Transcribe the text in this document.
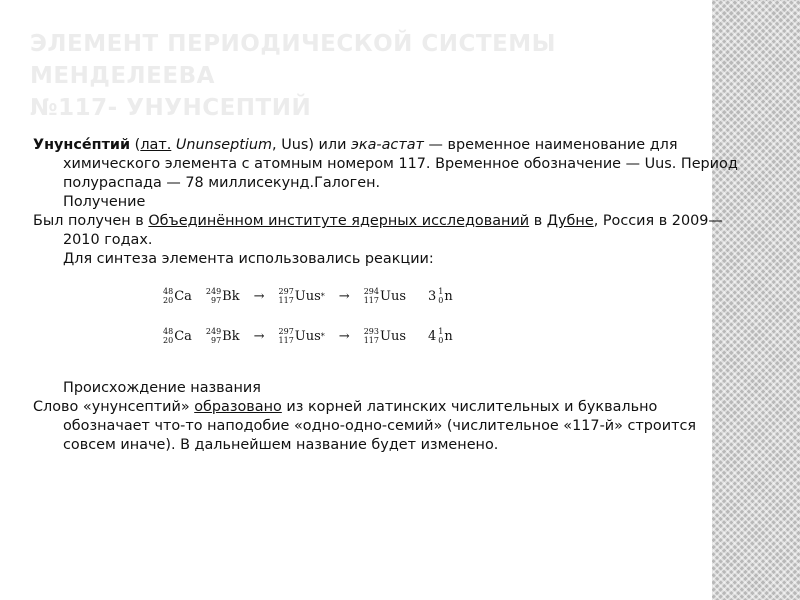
ЭЛЕМЕНТ ПЕРИОДИЧЕСКОЙ СИСТЕМЫ МЕНДЕЛЕЕВА
№117- УНУНСЕПТИЙ

Унунсе́птий (лат. Ununseptium, Uus) или эка-астат — временное наименование для химического элемента с атомным номером 117. Временное обозначение — Uus. Период полураспада — 78 миллисекунд.Галоген.

Получение

Был получен в Объединённом институте ядерных исследований в Дубне, Россия в 2009—2010 годах.

Для синтеза элемента использовались реакции:

48
20 Ca 249
97 Bk → 297
117 Uus * → 294
117 Uus 3 1
0 n
48
20 Ca 249
97 Bk → 297
117 Uus * → 293
117 Uus 4 1
0 n

Происхождение названия

Слово «унунсептий» образовано из корней латинских числительных и буквально обозначает что-то наподобие «одно-одно-семий» (числительное «117-й» строится совсем иначе). В дальнейшем название будет изменено.
